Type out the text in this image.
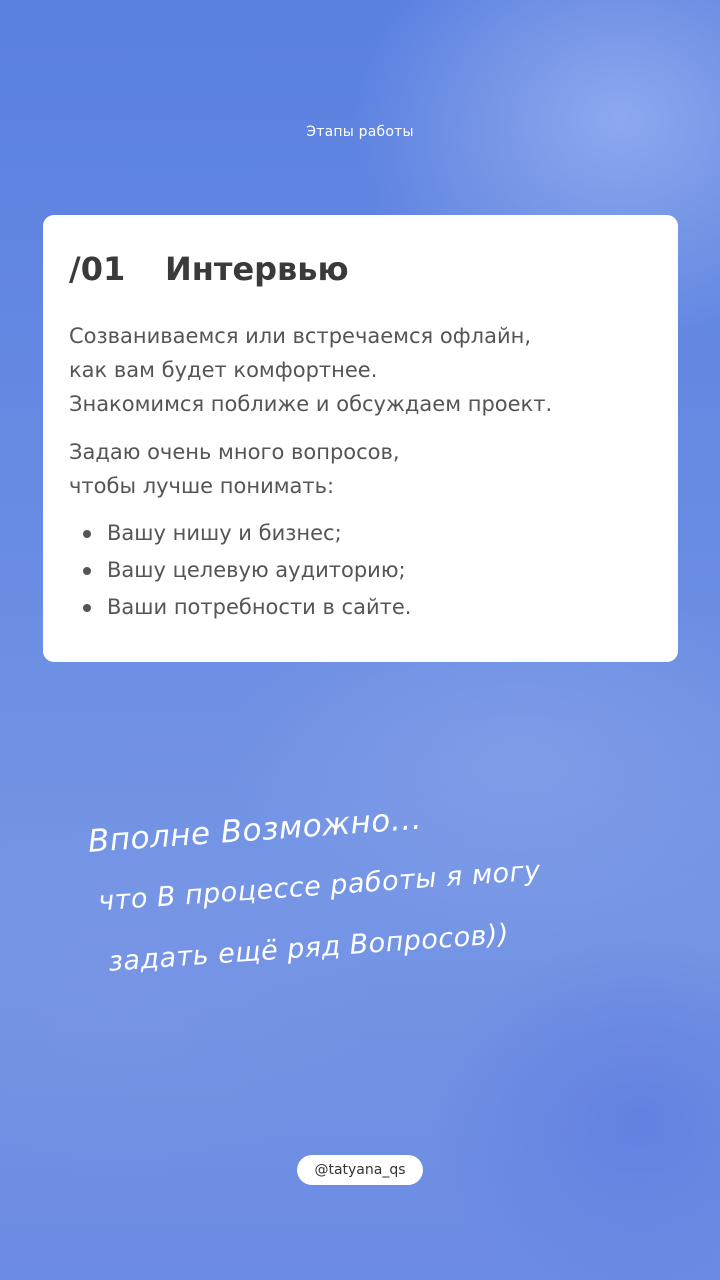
Этапы работы
/01	Интервью

Созваниваемся или встречаемся офлайн,

как вам будет комфортнее.

Знакомимся поближе и обсуждаем проект.

Задаю очень много вопросов,

чтобы лучше понимать:

Вашу нишу и бизнес;
Вашу целевую аудиторию;
Ваши потребности в сайте.
Вполне Возможно...
что В процессе работы я могу
задать ещё ряд Вопросов))
@tatyana_qs
